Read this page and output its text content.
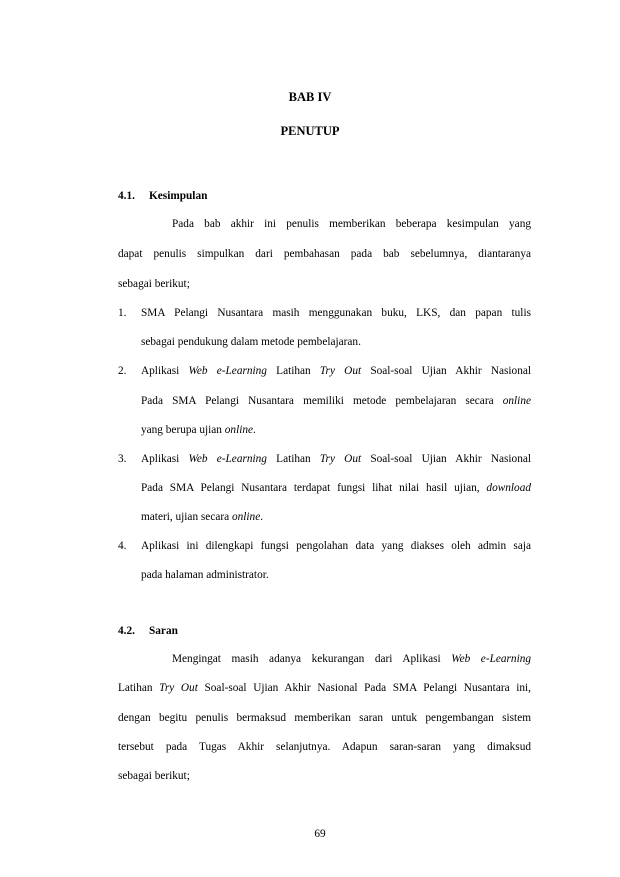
BAB IV
PENUTUP
4.1. Kesimpulan
Pada bab akhir ini penulis memberikan beberapa kesimpulan yang
dapat penulis simpulkan dari pembahasan pada bab sebelumnya, diantaranya
sebagai berikut;
1. SMA Pelangi Nusantara masih menggunakan buku, LKS, dan papan tulis
sebagai pendukung dalam metode pembelajaran.
2. Aplikasi Web e-Learning Latihan Try Out Soal-soal Ujian Akhir Nasional
Pada SMA Pelangi Nusantara memiliki metode pembelajaran secara online
yang berupa ujian online.
3. Aplikasi Web e-Learning Latihan Try Out Soal-soal Ujian Akhir Nasional
Pada SMA Pelangi Nusantara terdapat fungsi lihat nilai hasil ujian, download
materi, ujian secara online.
4. Aplikasi ini dilengkapi fungsi pengolahan data yang diakses oleh admin saja
pada halaman administrator.
4.2. Saran
Mengingat masih adanya kekurangan dari Aplikasi Web e-Learning
Latihan Try Out Soal-soal Ujian Akhir Nasional Pada SMA Pelangi Nusantara ini,
dengan begitu penulis bermaksud memberikan saran untuk pengembangan sistem
tersebut pada Tugas Akhir selanjutnya. Adapun saran-saran yang dimaksud
sebagai berikut;
69
